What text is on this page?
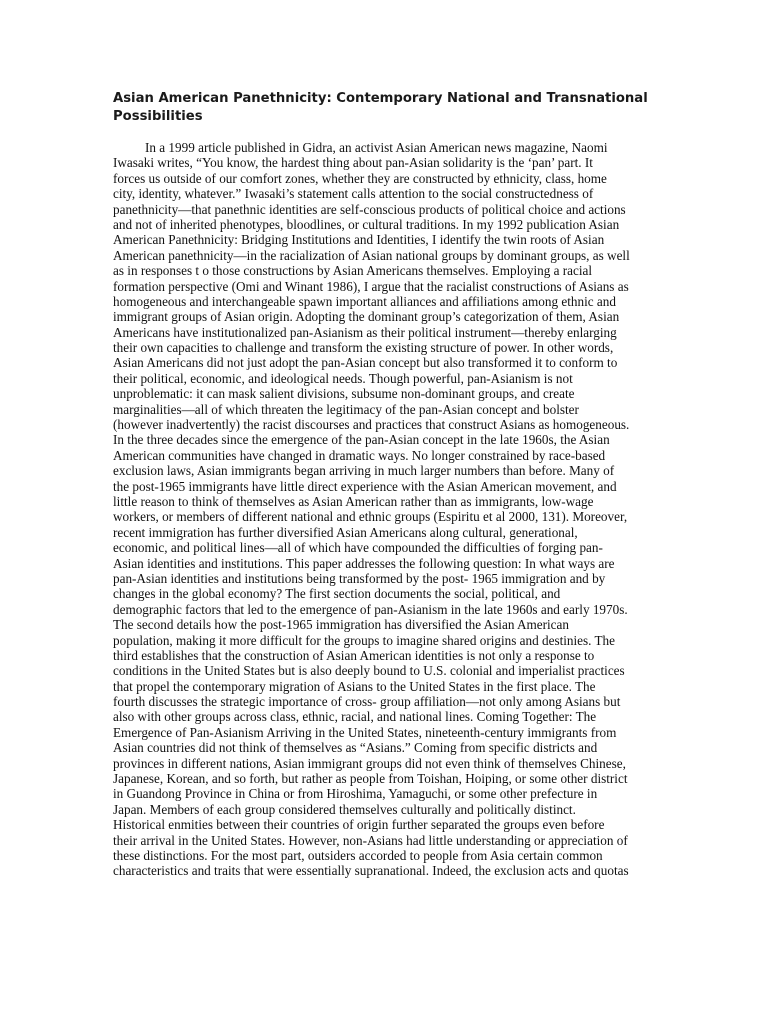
Asian American Panethnicity: Contemporary National and Transnational Possibilities
In a 1999 article published in Gidra, an activist Asian American news magazine, Naomi
Iwasaki writes, “You know, the hardest thing about pan-Asian solidarity is the ‘pan’ part. It
forces us outside of our comfort zones, whether they are constructed by ethnicity, class, home
city, identity, whatever.” Iwasaki’s statement calls attention to the social constructedness of
panethnicity—that panethnic identities are self-conscious products of political choice and actions
and not of inherited phenotypes, bloodlines, or cultural traditions. In my 1992 publication Asian
American Panethnicity: Bridging Institutions and Identities, I identify the twin roots of Asian
American panethnicity—in the racialization of Asian national groups by dominant groups, as well
as in responses t o those constructions by Asian Americans themselves. Employing a racial
formation perspective (Omi and Winant 1986), I argue that the racialist constructions of Asians as
homogeneous and interchangeable spawn important alliances and affiliations among ethnic and
immigrant groups of Asian origin. Adopting the dominant group’s categorization of them, Asian
Americans have institutionalized pan-Asianism as their political instrument—thereby enlarging
their own capacities to challenge and transform the existing structure of power. In other words,
Asian Americans did not just adopt the pan-Asian concept but also transformed it to conform to
their political, economic, and ideological needs. Though powerful, pan-Asianism is not
unproblematic: it can mask salient divisions, subsume non-dominant groups, and create
marginalities—all of which threaten the legitimacy of the pan-Asian concept and bolster
(however inadvertently) the racist discourses and practices that construct Asians as homogeneous.
In the three decades since the emergence of the pan-Asian concept in the late 1960s, the Asian
American communities have changed in dramatic ways. No longer constrained by race-based
exclusion laws, Asian immigrants began arriving in much larger numbers than before. Many of
the post-1965 immigrants have little direct experience with the Asian American movement, and
little reason to think of themselves as Asian American rather than as immigrants, low-wage
workers, or members of different national and ethnic groups (Espiritu et al 2000, 131). Moreover,
recent immigration has further diversified Asian Americans along cultural, generational,
economic, and political lines—all of which have compounded the difficulties of forging pan-
Asian identities and institutions. This paper addresses the following question: In what ways are
pan-Asian identities and institutions being transformed by the post- 1965 immigration and by
changes in the global economy? The first section documents the social, political, and
demographic factors that led to the emergence of pan-Asianism in the late 1960s and early 1970s.
The second details how the post-1965 immigration has diversified the Asian American
population, making it more difficult for the groups to imagine shared origins and destinies. The
third establishes that the construction of Asian American identities is not only a response to
conditions in the United States but is also deeply bound to U.S. colonial and imperialist practices
that propel the contemporary migration of Asians to the United States in the first place. The
fourth discusses the strategic importance of cross- group affiliation—not only among Asians but
also with other groups across class, ethnic, racial, and national lines. Coming Together: The
Emergence of Pan-Asianism Arriving in the United States, nineteenth-century immigrants from
Asian countries did not think of themselves as “Asians.” Coming from specific districts and
provinces in different nations, Asian immigrant groups did not even think of themselves Chinese,
Japanese, Korean, and so forth, but rather as people from Toishan, Hoiping, or some other district
in Guandong Province in China or from Hiroshima, Yamaguchi, or some other prefecture in
Japan. Members of each group considered themselves culturally and politically distinct.
Historical enmities between their countries of origin further separated the groups even before
their arrival in the United States. However, non-Asians had little understanding or appreciation of
these distinctions. For the most part, outsiders accorded to people from Asia certain common
characteristics and traits that were essentially supranational. Indeed, the exclusion acts and quotas
